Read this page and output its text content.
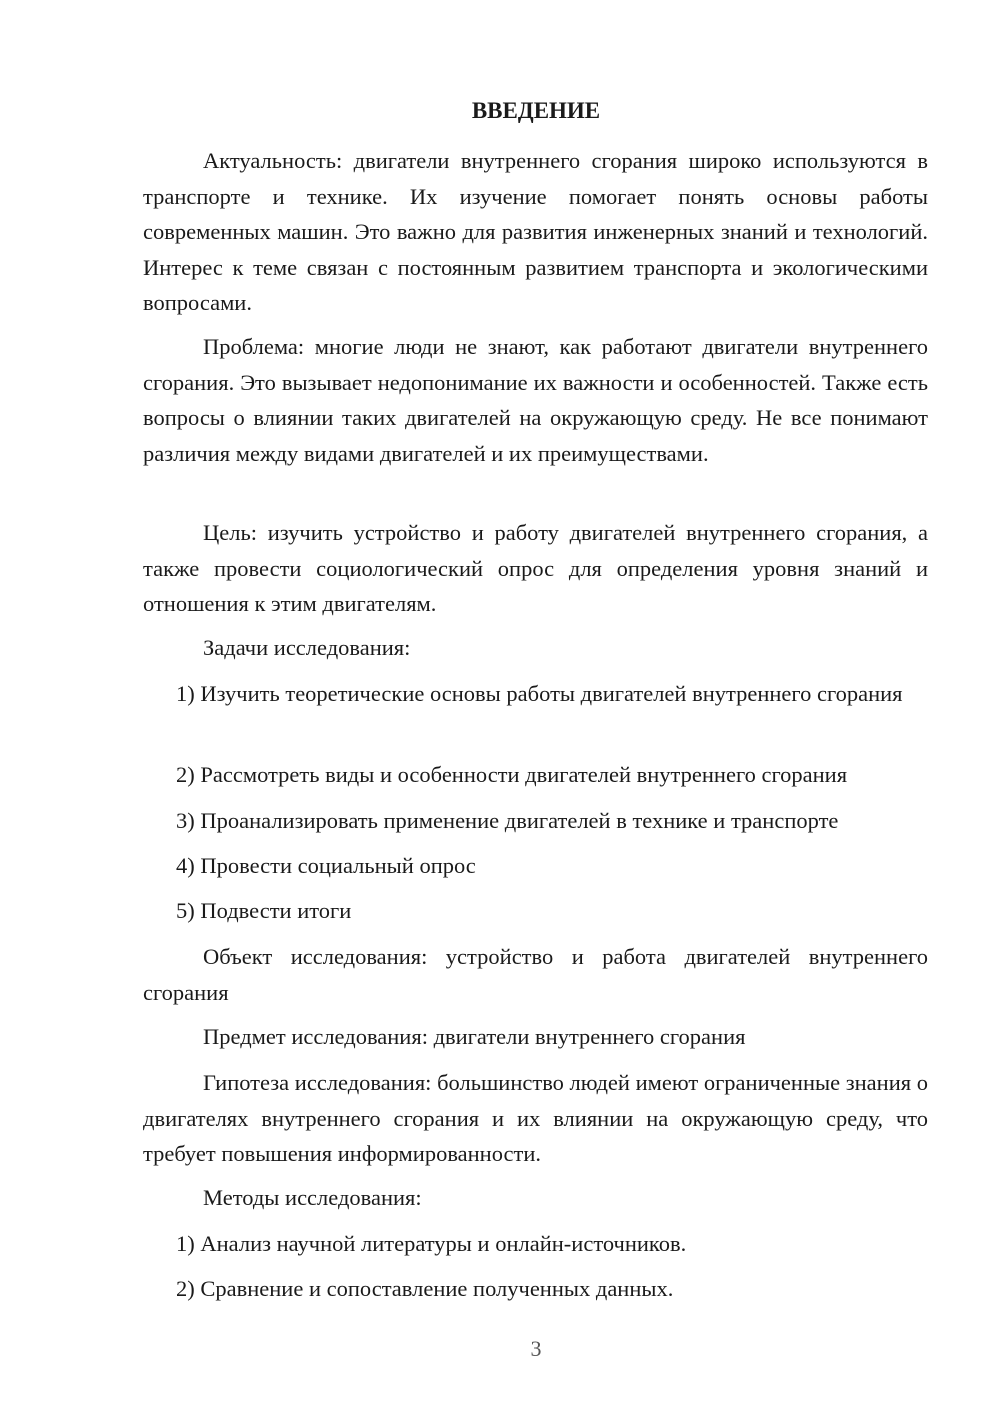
ВВЕДЕНИЕ

Актуальность: двигатели внутреннего сгорания широко используются в транспорте и технике. Их изучение помогает понять основы работы современных машин. Это важно для развития инженерных знаний и технологий. Интерес к теме связан с постоянным развитием транспорта и экологическими вопросами.

Проблема: многие люди не знают, как работают двигатели внутреннего сгорания. Это вызывает недопонимание их важности и особенностей. Также есть вопросы о влиянии таких двигателей на окружающую среду. Не все понимают различия между видами двигателей и их преимуществами.

Цель: изучить устройство и работу двигателей внутреннего сгорания, а также провести социологический опрос для определения уровня знаний и отношения к этим двигателям.

Задачи исследования:

1) Изучить теоретические основы работы двигателей внутреннего сгорания

2) Рассмотреть виды и особенности двигателей внутреннего сгорания

3) Проанализировать применение двигателей в технике и транспорте

4) Провести социальный опрос

5) Подвести итоги

Объект исследования: устройство и работа двигателей внутреннего сгорания

Предмет исследования: двигатели внутреннего сгорания

Гипотеза исследования: большинство людей имеют ограниченные знания о двигателях внутреннего сгорания и их влиянии на окружающую среду, что требует повышения информированности.

Методы исследования:

1) Анализ научной литературы и онлайн-источников.

2) Сравнение и сопоставление полученных данных.

3
